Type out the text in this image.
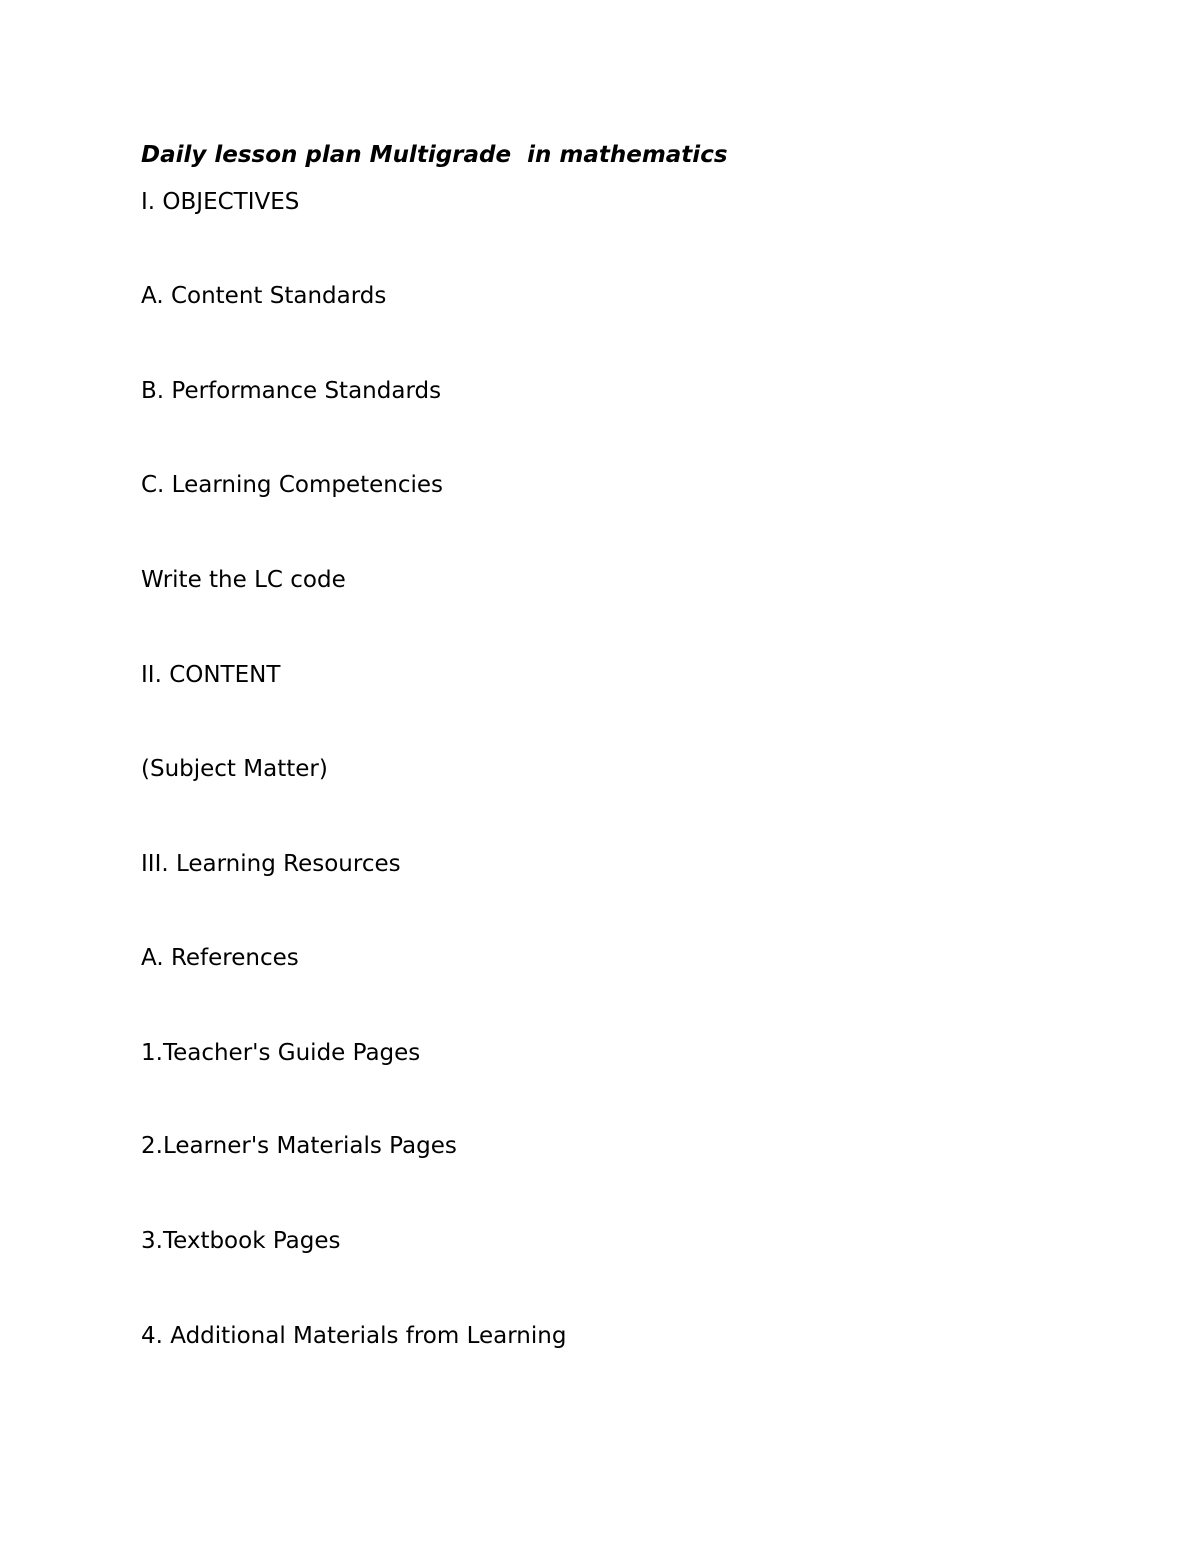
Daily lesson plan Multigrade  in mathematics
I. OBJECTIVES
A. Content Standards
B. Performance Standards
C. Learning Competencies
Write the LC code
II. CONTENT
(Subject Matter)
III. Learning Resources
A. References
1.Teacher's Guide Pages
2.Learner's Materials Pages
3.Textbook Pages
4. Additional Materials from Learning
